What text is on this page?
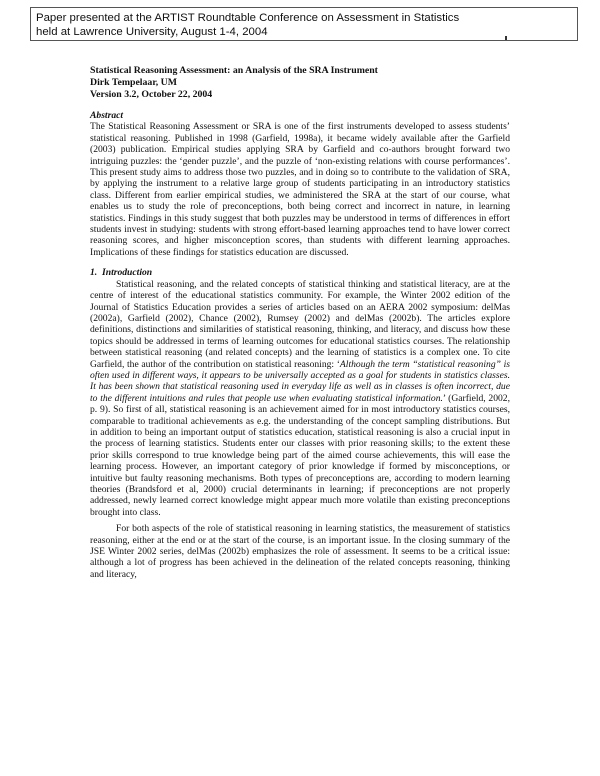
Paper presented at the ARTIST Roundtable Conference on Assessment in Statistics
held at Lawrence University, August 1-4, 2004
Statistical Reasoning Assessment: an Analysis of the SRA Instrument
Dirk Tempelaar, UM
Version 3.2, October 22, 2004
Abstract

The Statistical Reasoning Assessment or SRA is one of the first instruments developed to assess students’ statistical reasoning. Published in 1998 (Garfield, 1998a), it became widely available after the Garfield (2003) publication. Empirical studies applying SRA by Garfield and co-authors brought forward two intriguing puzzles: the ‘gender puzzle’, and the puzzle of ‘non-existing relations with course performances’. This present study aims to address those two puzzles, and in doing so to contribute to the validation of SRA, by applying the instrument to a relative large group of students participating in an introductory statistics class. Different from earlier empirical studies, we administered the SRA at the start of our course, what enables us to study the role of preconceptions, both being correct and incorrect in nature, in learning statistics. Findings in this study suggest that both puzzles may be understood in terms of differences in effort students invest in studying: students with strong effort-based learning approaches tend to have lower correct reasoning scores, and higher misconception scores, than students with different learning approaches. Implications of these findings for statistics education are discussed.

1. Introduction

Statistical reasoning, and the related concepts of statistical thinking and statistical literacy, are at the centre of interest of the educational statistics community. For example, the Winter 2002 edition of the Journal of Statistics Education provides a series of articles based on an AERA 2002 symposium: delMas (2002a), Garfield (2002), Chance (2002), Rumsey (2002) and delMas (2002b). The articles explore definitions, distinctions and similarities of statistical reasoning, thinking, and literacy, and discuss how these topics should be addressed in terms of learning outcomes for educational statistics courses. The relationship between statistical reasoning (and related concepts) and the learning of statistics is a complex one. To cite Garfield, the author of the contribution on statistical reasoning: ‘Although the term “statistical reasoning” is often used in different ways, it appears to be universally accepted as a goal for students in statistics classes. It has been shown that statistical reasoning used in everyday life as well as in classes is often incorrect, due to the different intuitions and rules that people use when evaluating statistical information.’ (Garfield, 2002, p. 9). So first of all, statistical reasoning is an achievement aimed for in most introductory statistics courses, comparable to traditional achievements as e.g. the understanding of the concept sampling distributions. But in addition to being an important output of statistics education, statistical reasoning is also a crucial input in the process of learning statistics. Students enter our classes with prior reasoning skills; to the extent these prior skills correspond to true knowledge being part of the aimed course achievements, this will ease the learning process. However, an important category of prior knowledge if formed by misconceptions, or intuitive but faulty reasoning mechanisms. Both types of preconceptions are, according to modern learning theories (Brandsford et al, 2000) crucial determinants in learning; if preconceptions are not properly addressed, newly learned correct knowledge might appear much more volatile than existing preconceptions brought into class.

For both aspects of the role of statistical reasoning in learning statistics, the measurement of statistics reasoning, either at the end or at the start of the course, is an important issue. In the closing summary of the JSE Winter 2002 series, delMas (2002b) emphasizes the role of assessment. It seems to be a critical issue: although a lot of progress has been achieved in the delineation of the related concepts reasoning, thinking and literacy,
